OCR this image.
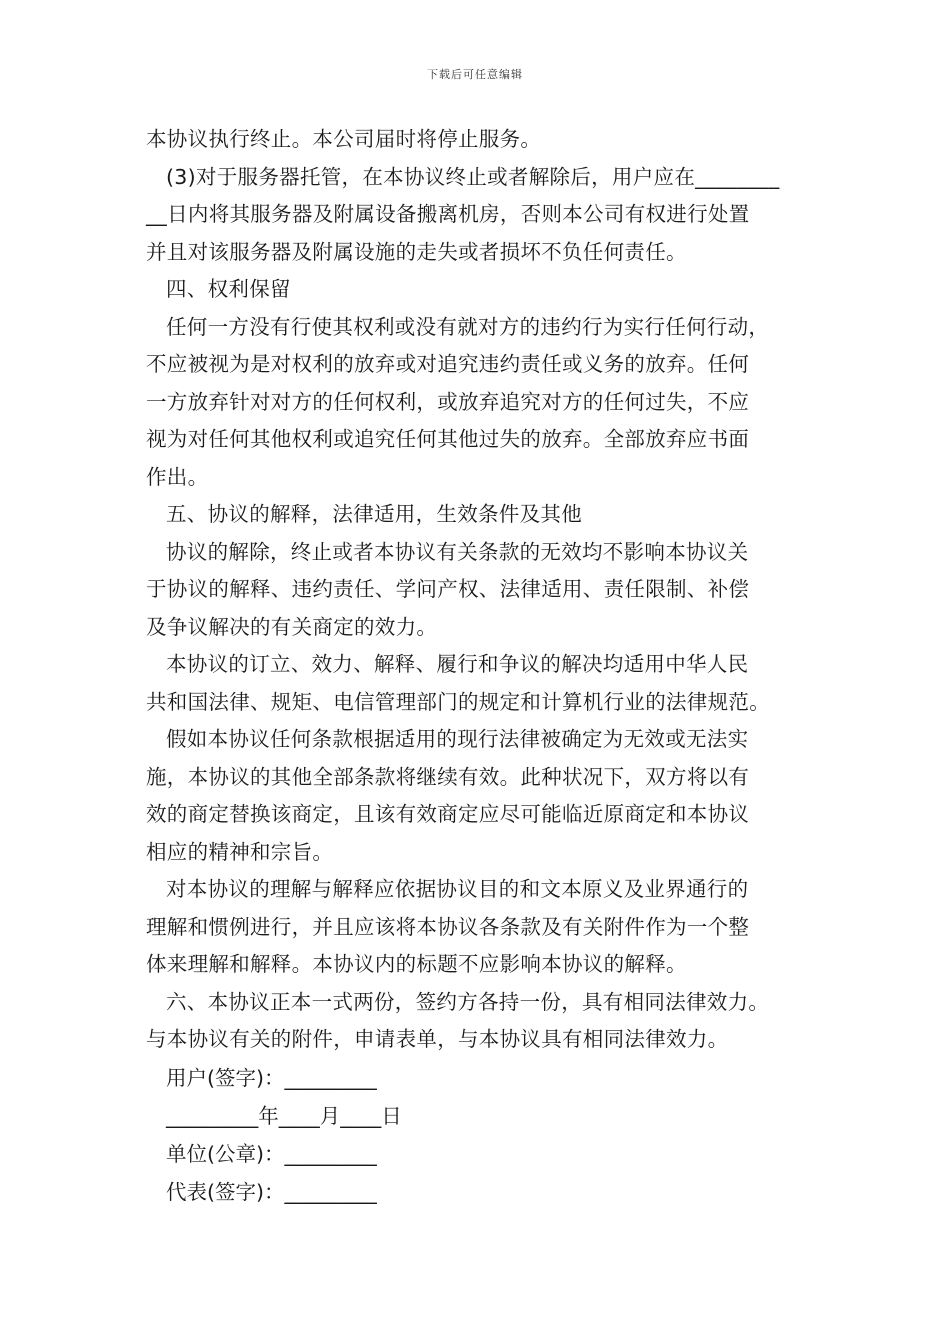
下载后可任意编辑
本协议执行终止。本公司届时将停止服务。
(3)对于服务器托管，在本协议终止或者解除后，用户应在________
__日内将其服务器及附属设备搬离机房，否则本公司有权进行处置
并且对该服务器及附属设施的走失或者损坏不负任何责任。
四、权利保留
任何一方没有行使其权利或没有就对方的违约行为实行任何行动，
不应被视为是对权利的放弃或对追究违约责任或义务的放弃。任何
一方放弃针对对方的任何权利，或放弃追究对方的任何过失，不应
视为对任何其他权利或追究任何其他过失的放弃。全部放弃应书面
作出。
五、协议的解释，法律适用，生效条件及其他
协议的解除，终止或者本协议有关条款的无效均不影响本协议关
于协议的解释、违约责任、学问产权、法律适用、责任限制、补偿
及争议解决的有关商定的效力。
本协议的订立、效力、解释、履行和争议的解决均适用中华人民
共和国法律、规矩、电信管理部门的规定和计算机行业的法律规范。
假如本协议任何条款根据适用的现行法律被确定为无效或无法实
施，本协议的其他全部条款将继续有效。此种状况下，双方将以有
效的商定替换该商定，且该有效商定应尽可能临近原商定和本协议
相应的精神和宗旨。
对本协议的理解与解释应依据协议目的和文本原义及业界通行的
理解和惯例进行，并且应该将本协议各条款及有关附件作为一个整
体来理解和解释。本协议内的标题不应影响本协议的解释。
六、本协议正本一式两份，签约方各持一份，具有相同法律效力。
与本协议有关的附件，申请表单，与本协议具有相同法律效力。
用户(签字)：_________
_________年____月____日
单位(公章)：_________
代表(签字)：_________
